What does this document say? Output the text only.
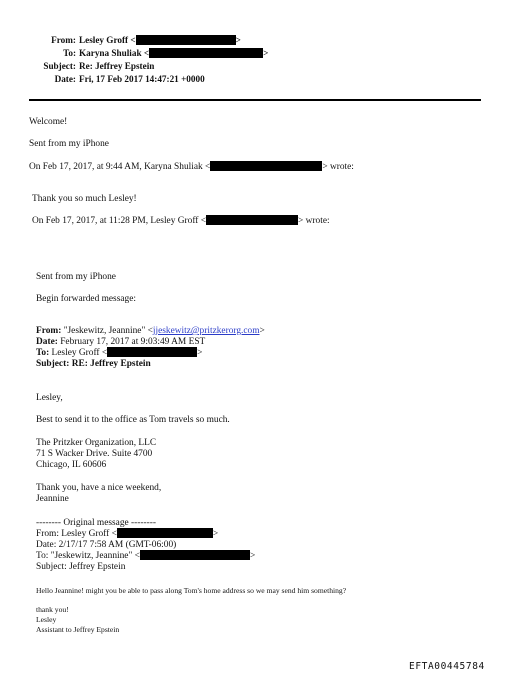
From: Lesley Groff <	>
To: Karyna Shuliak <	>
Subject: Re: Jeffrey Epstein
Date: Fri, 17 Feb 2017 14:47:21 +0000
Welcome!
Sent from my iPhone
On Feb 17, 2017, at 9:44 AM, Karyna Shuliak <	> wrote:
Thank you so much Lesley!
On Feb 17, 2017, at 11:28 PM, Lesley Groff <	> wrote:
Sent from my iPhone
Begin forwarded message:
From: "Jeskewitz, Jeannine" <jjeskewitz@pritzkerorg.com>
Date: February 17, 2017 at 9:03:49 AM EST
To: Lesley Groff <	>
Subject: RE: Jeffrey Epstein
Lesley,
Best to send it to the office as Tom travels so much.
The Pritzker Organization, LLC
71 S Wacker Drive. Suite 4700
Chicago, IL 60606
Thank you, have a nice weekend,
Jeannine
-------- Original message --------
From: Lesley Groff <	>
Date: 2/17/17 7:58 AM (GMT-06:00)
To: "Jeskewitz, Jeannine" <	>
Subject: Jeffrey Epstein
Hello Jeannine! might you be able to pass along Tom's home address so we may send him something?
thank you!
Lesley
Assistant to Jeffrey Epstein
EFTA00445784
